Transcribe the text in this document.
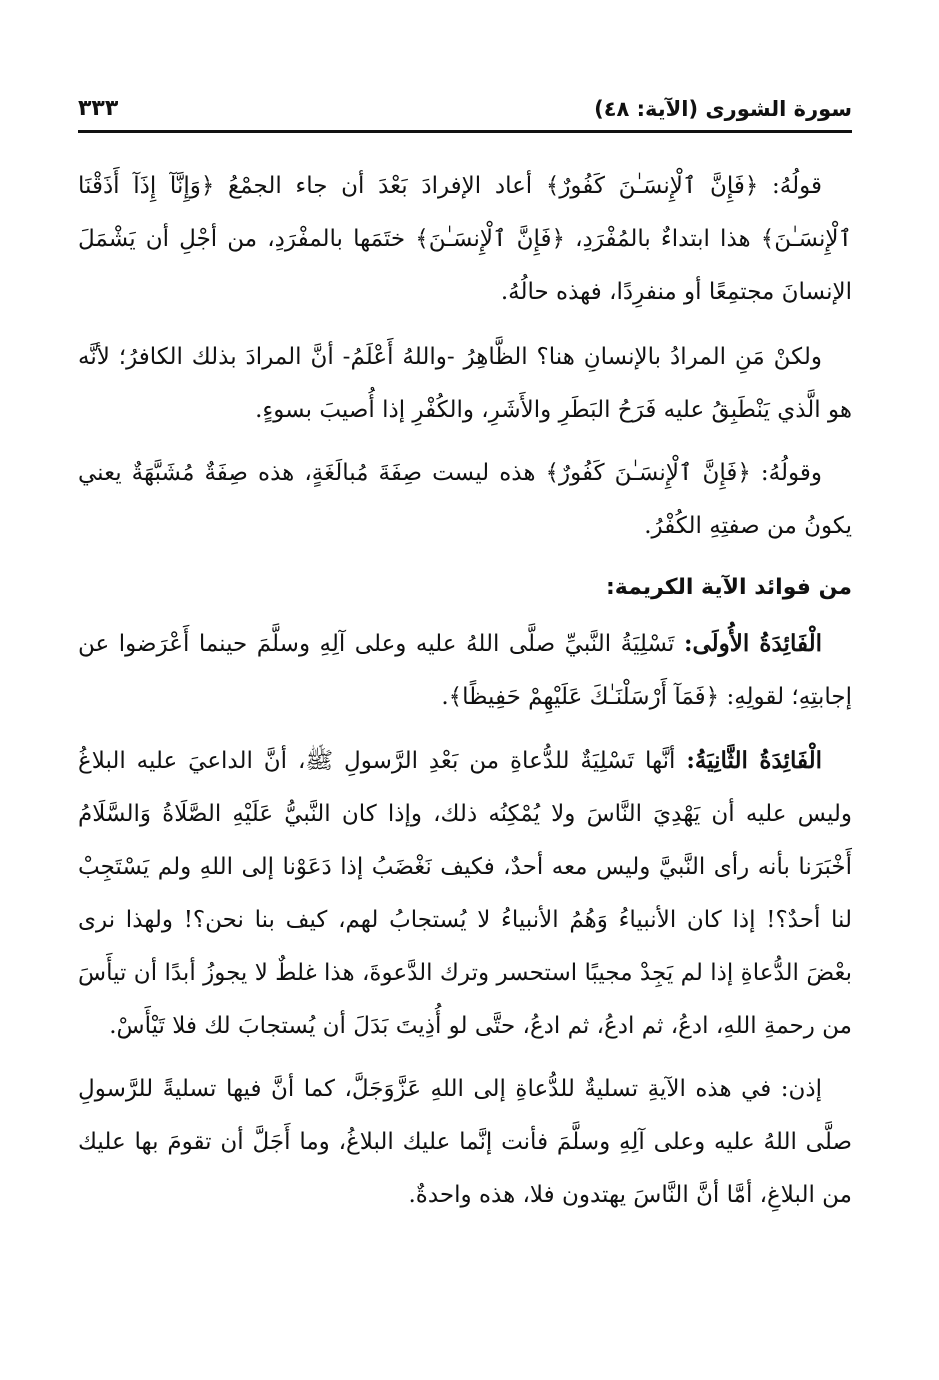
سورة الشورى (الآية: ٤٨)
٣٣٣

قولُهُ: ﴿فَإِنَّ ٱلْإِنسَـٰنَ كَفُورٌ﴾ أعاد الإفرادَ بَعْدَ أن جاء الجمْعُ ﴿وَإِنَّآ إِذَآ أَذَقْنَا ٱلْإِنسَـٰنَ﴾ هذا ابتداءٌ بالمُفْرَدِ، ﴿فَإِنَّ ٱلْإِنسَـٰنَ﴾ ختَمَها بالمفْرَدِ، من أجْلِ أن يَشْمَلَ الإنسانَ مجتمِعًا أو منفرِدًا، فهذه حالُهُ.

ولكنْ مَنِ المرادُ بالإنسانِ هنا؟ الظَّاهِرُ -واللهُ أَعْلَمُ- أنَّ المرادَ بذلك الكافرُ؛ لأنَّه هو الَّذي يَنْطَبِقُ عليه فَرَحُ البَطَرِ والأَشَرِ، والكُفْرِ إذا أُصيبَ بسوءٍ.

وقولُهُ: ﴿فَإِنَّ ٱلْإِنسَـٰنَ كَفُورٌ﴾ هذه ليست صِفَةَ مُبالَغَةٍ، هذه صِفَةٌ مُشَبَّهَةٌ يعني يكونُ من صفتِهِ الكُفْرُ.

من فوائد الآية الكريمة:

الْفَائِدَةُ الأُولَى: تَسْلِيَةُ النَّبيِّ صلَّى اللهُ عليه وعلى آلِهِ وسلَّمَ حينما أَعْرَضوا عن إجابتِهِ؛ لقولِهِ: ﴿فَمَآ أَرْسَلْنَـٰكَ عَلَيْهِمْ حَفِيظًا﴾.

الْفَائِدَةُ الثَّانِيَةُ: أنَّها تَسْلِيَةٌ للدُّعاةِ من بَعْدِ الرَّسولِ ﷺ، أنَّ الداعيَ عليه البلاغُ وليس عليه أن يَهْدِيَ النَّاسَ ولا يُمْكِنُه ذلك، وإذا كان النَّبيُّ عَلَيْهِ الصَّلَاةُ وَالسَّلَامُ أَخْبَرَنا بأنه رأى النَّبيَّ وليس معه أحدٌ، فكيف نَغْضَبُ إذا دَعَوْنا إلى اللهِ ولم يَسْتَجِبْ لنا أحدٌ؟! إذا كان الأنبياءُ وَهُمُ الأنبياءُ لا يُستجابُ لهم، كيف بنا نحن؟! ولهذا نرى بعْضَ الدُّعاةِ إذا لم يَجِدْ مجيبًا استحسر وترك الدَّعوةَ، هذا غلطٌ لا يجوزُ أبدًا أن تيأَسَ من رحمةِ اللهِ، ادعُ، ثم ادعُ، ثم ادعُ، حتَّى لو أُذِيتَ بَدَلَ أن يُستجابَ لك فلا تَيْأَسْ.

إذن: في هذه الآيةِ تسليةٌ للدُّعاةِ إلى اللهِ عَزَّوَجَلَّ، كما أنَّ فيها تسليةً للرَّسولِ صلَّى اللهُ عليه وعلى آلِهِ وسلَّمَ فأنت إنَّما عليك البلاغُ، وما أَجَلَّ أن تقومَ بها عليك من البلاغِ، أمَّا أنَّ النَّاسَ يهتدون فلا، هذه واحدةٌ.
